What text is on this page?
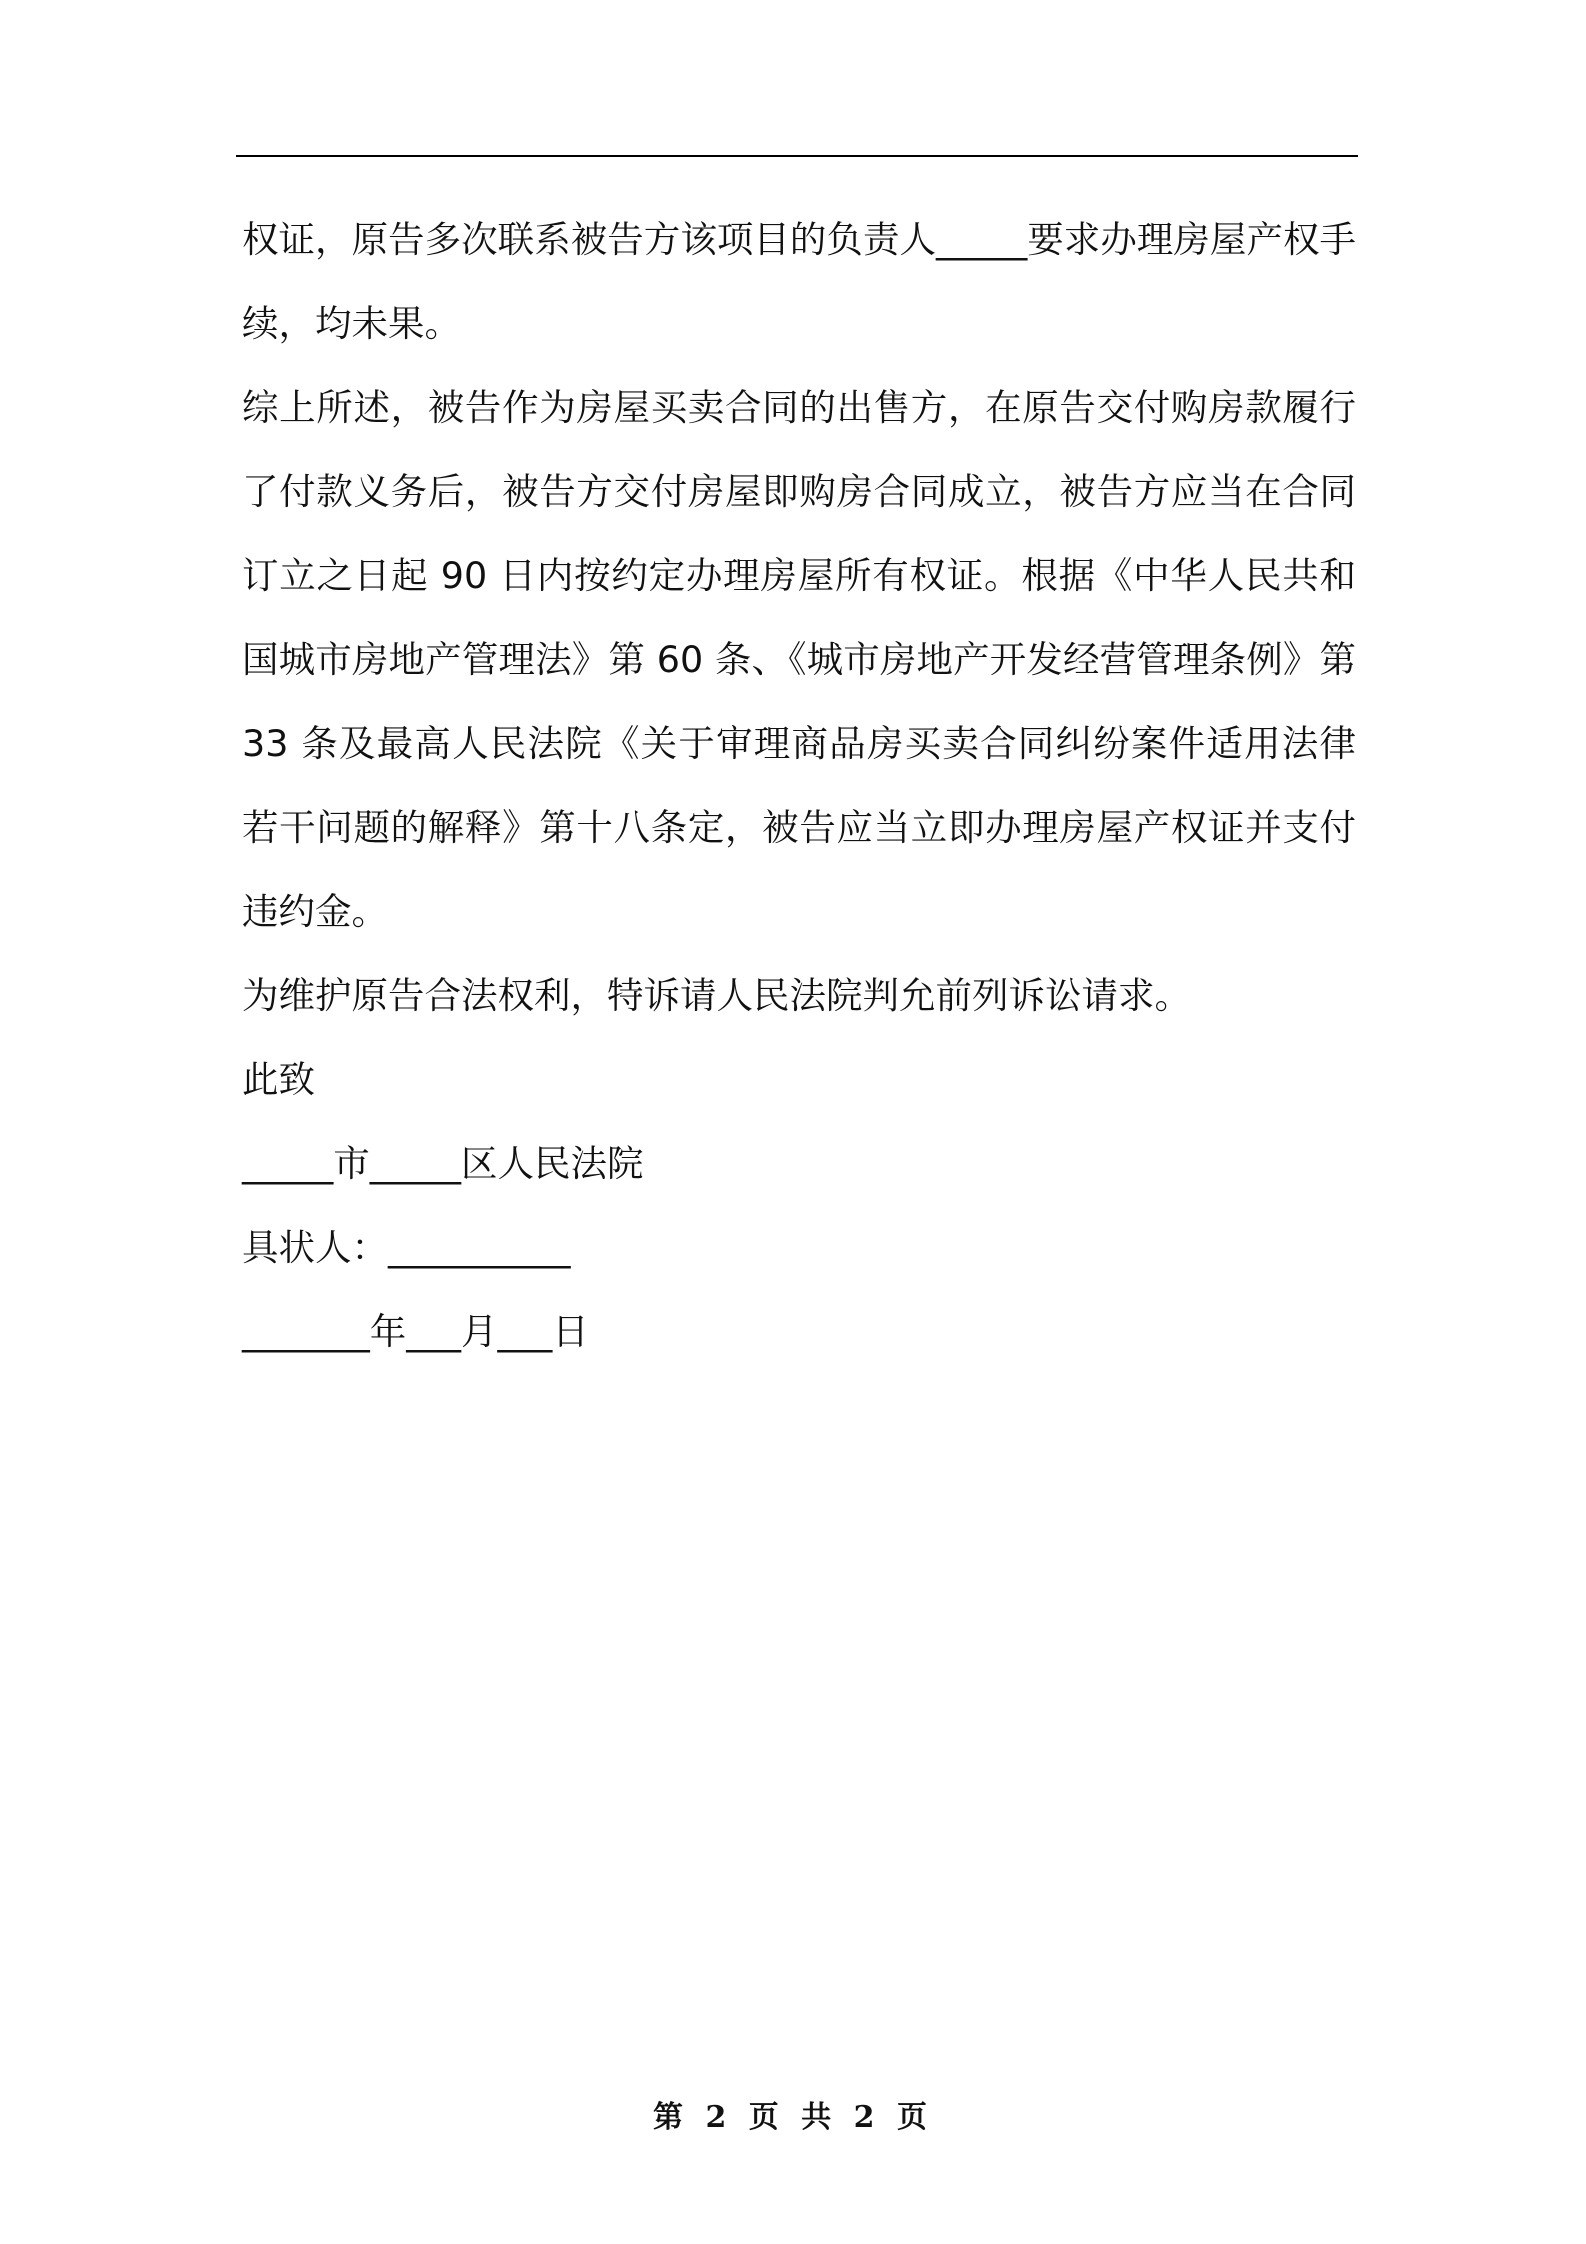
权证，原告多次联系被告方该项目的负责人_____要求办理房屋产权手续，均未果。

综上所述，被告作为房屋买卖合同的出售方，在原告交付购房款履行了付款义务后，被告方交付房屋即购房合同成立，被告方应当在合同订立之日起 90 日内按约定办理房屋所有权证。根据《中华人民共和国城市房地产管理法》第 60 条、《城市房地产开发经营管理条例》第 33 条及最高人民法院《关于审理商品房买卖合同纠纷案件适用法律若干问题的解释》第十八条定，被告应当立即办理房屋产权证并支付违约金。

为维护原告合法权利，特诉请人民法院判允前列诉讼请求。

此致

_____市_____区人民法院

具状人：__________

_______年___月___日

第 2 页 共 2 页
